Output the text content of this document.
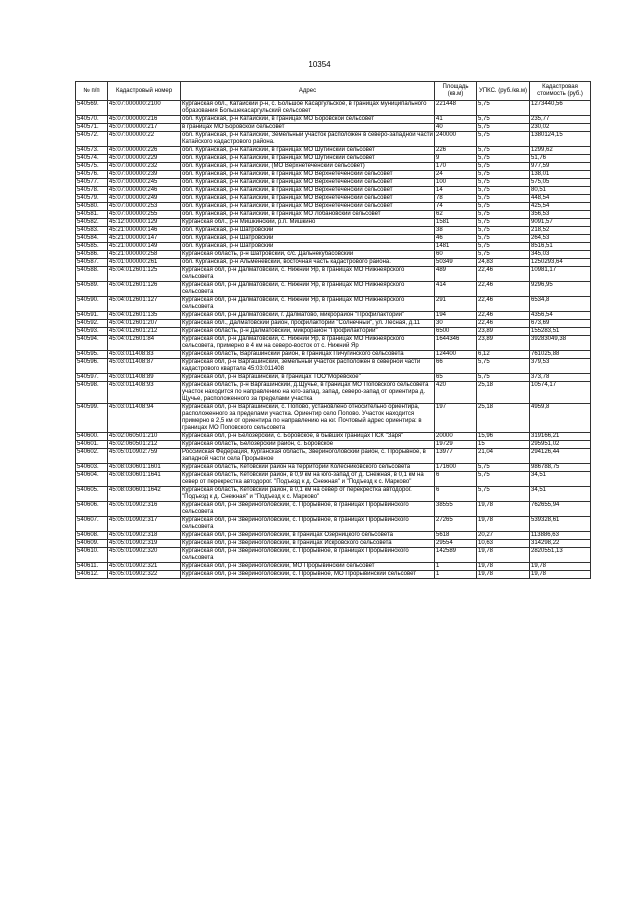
10354
№ п/п	Кадастровый номер	Адрес	Площадь (кв.м)	УПКС. (руб./кв.м)	Кадастровая стоимость (руб.)
540569.	45:07:000000:2100	Курганская обл., Катайский р-н, с. Большое Касаргульское, в границах муниципального образования Большекасаргульский сельсовет	221448	5,75	1273440,56
540570.	45:07:000000:216	обл. Курганская, р-н Катайский, в границах МО Боровской сельсовет	41	5,75	235,77
540571.	45:07:000000:217	в границах МО Боровской сельсовет	40	5,75	230,02
540572.	45:07:000000:22	обл. Курганская, р-н Катайский, Земельный участок расположен в северо-западной части Катайского кадастрового района.	240000	5,75	1380124,15
540573.	45:07:000000:226	обл. Курганская, р-н Катайский, в границах МО Шутинский сельсовет	226	5,75	1299,62
540574.	45:07:000000:229	обл. Курганская, р-н Катайский, в границах МО Шутинский сельсовет	9	5,75	51,76
540575.	45:07:000000:232	обл. Курганская, р-н Катайский, (МО Верхнетеченский сельсовет)	170	5,75	977,59
540576.	45:07:000000:239	обл. Курганская, р-н Катайский, в границах МО Верхнетеченский сельсовет	24	5,75	138,01
540577.	45:07:000000:245	обл. Курганская, р-н Катайский, в границах МО Верхнетеченский сельсовет	100	5,75	575,05
540578.	45:07:000000:246	обл. Курганская, р-н Катайский, в границах МО Верхнетеченский сельсовет	14	5,75	80,51
540579.	45:07:000000:249	обл. Курганская, р-н Катайский, в границах МО Верхнетеченский сельсовет	78	5,75	448,54
540580.	45:07:000000:253	обл. Курганская, р-н Катайский, в границах МО Верхнетеченский сельсовет	74	5,75	425,54
540581.	45:07:000000:255	обл. Курганская, р-н Катайский, в границах МО Лобановский сельсовет	62	5,75	356,53
540582.	45:12:000000:129	Курганская обл., р-н Мишкинский, р.п. Мишкино	1581	5,75	9091,57
540583.	45:21:000000:146	обл. Курганская, р-н Шатровский	38	5,75	218,52
540584.	45:21:000000:147	обл. Курганская, р-н Шатровский	46	5,75	264,53
540585.	45:21:000000:149	обл. Курганская, р-н Шатровский	1481	5,75	8516,51
540586.	45:21:000000:258	Курганская область, р-н Шатровский, с/с. Дальнекубасовский	60	5,75	345,03
540587.	45:01:000000:261	обл. Курганская, р-н Альменевский, восточная часть кадастрового района.	50349	24,83	1250293,64
540588.	45:04:012601:125	Курганская обл, р-н Далматовский, с. Нижний Яр, в границах МО Нижнеярского сельсовета	489	22,46	10981,17
540589.	45:04:012601:126	Курганская обл, р-н Далматовский, с. Нижний Яр, в границах МО Нижнеярского сельсовета	414	22,46	9296,95
540590.	45:04:012601:127	Курганская обл, р-н Далматовский, с. Нижний Яр, в границах МО Нижнеярского сельсовета	291	22,46	6534,8
540591.	45:04:012601:135	Курганская обл, р-н Далматовский, г. Далматово, микрорайон "Профилакторий"	194	22,46	4356,54
540592.	45:04:012601:207	Курганская обл., Далматовский район, профилакторий "Солнечный", ул. Лесная, д.11	30	22,46	673,69
540593.	45:04:012601:212	Курганская область, р-н Далматовский, микрорайон "Профилакторий"	6500	23,89	155283,51
540594.	45:04:012601:84	Курганская обл, р-н Далматовский, с. Нижний Яр, в границах МО Нижнеярского сельсовета, примерно в 4 км на северо-восток от с. Нижний Яр	1644346	23,89	39283049,38
540595.	45:03:011408:83	Курганская область, Варгашинский район, в границах Пичугинского сельсовета	124400	6,12	761025,88
540596.	45:03:011408:87	Курганская обл, р-н Варгашинский, земельный участок расположен в северной части кадастрового квартала 45:03:011408	66	5,75	379,53
540597.	45:03:011408:89	Курганская обл, р-н Варгашинский, в границах ТОО"Моревское"	65	5,75	373,78
540598.	45:03:011408:93	Курганская область, р-н Варгашинский, д.Щучье, в границах МО Поповского сельсовета участок находится по направлению на юго-запад, запад, северо-запад от ориентира д. Щучье, расположенного за пределами участка	420	25,18	10574,17
540599.	45:03:011408:94	Курганская обл, р-н Варгашинский, с. Попово, установлено относительно ориентира, расположенного за пределами участка. Ориентир село Попово. Участок находится примерно в 2,5 км от ориентира по направлению на юг. Почтовый адрес ориентира: в границах МО Поповского сельсовета	197	25,18	4959,8
540600.	45:02:060501:210	Курганская обл, р-н Белозерский, с. Боровское, в бывших границах ПСК "Заря"	20000	15,96	319166,21
540601.	45:02:060501:212	Курганская область, Белозерский район, с. Боровское	19729	15	295951,02
540602.	45:05:010902:759	Российская Федерация, Курганская область, Звериноголовский район, с. Прорывное, в западной части села Прорывное	13977	21,04	294126,44
540603.	45:08:030601:1601	Курганская область, Кетовский район на территории Колесниковского сельсовета	171600	5,75	986788,75
540604.	45:08:030601:1641	Курганская область, Кетовский район, в 0,9 км на юго-запад от д. Снежная, в 0,1 км на север от перекрестка автодорог. "Подъезд к д. Снежная" и "Подъезд к с. Марково"	6	5,75	34,51
540605.	45:08:030601:1642	Курганская область, Кетовский район, в 0,1 км на север от перекрестка автодорог. "Подъезд к д. Снежная" и "Подъезд к с. Марково"	6	5,75	34,51
540606.	45:05:010902:316	Курганская обл, р-н Звериноголовский, с. Прорывное, в границах Прорывинского сельсовета	38555	19,78	762655,94
540607.	45:05:010902:317	Курганская обл, р-н Звериноголовский, с. Прорывное, в границах Прорывинского сельсовета	27265	19,78	539328,61
540608.	45:05:010902:318	Курганская обл, р-н Звериноголовский, в границах Озерницкого сельсовета	5618	20,27	113886,63
540609.	45:05:010902:319	Курганская обл, р-н Звериноголовский, в границах Искровского сельсовета	29554	10,63	314298,22
540610.	45:05:010902:320	Курганская обл, р-н Звериноголовский, с. Прорывное, в границах Прорывинского сельсовета	142589	19,78	2820551,13
540611.	45:05:010902:321	Курганская обл, р-н Звериноголовский, МО Прорывинский сельсовет	1	19,78	19,78
540612.	45:05:010902:322	Курганская обл, р-н Звериноголовский, с. Прорывное, МО Прорывинский сельсовет	1	19,78	19,78
